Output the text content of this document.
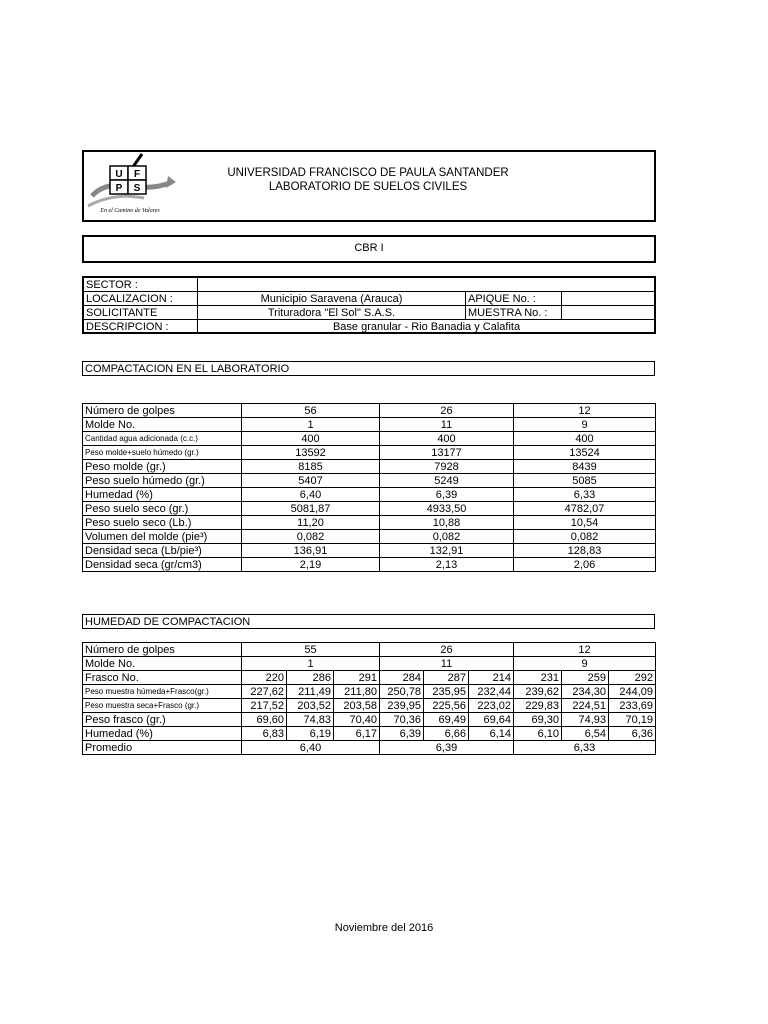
U F
P S
En el Camino de Valores
UNIVERSIDAD FRANCISCO DE PAULA SANTANDER
LABORATORIO DE SUELOS CIVILES
CBR I
SECTOR :			
LOCALIZACION :	Municipio Saravena (Arauca)	APIQUE No. :	
SOLICITANTE	Trituradora "El Sol" S.A.S.	MUESTRA No. :	
DESCRIPCION :	Base granular - Rio Banadia y Calafita		
COMPACTACION EN EL LABORATORIO
Número de golpes	56	26	12
Molde No.	1	11	9
Cantidad agua adicionada (c.c.)	400	400	400
Peso molde+suelo húmedo (gr.)	13592	13177	13524
Peso molde (gr.)	8185	7928	8439
Peso suelo húmedo (gr.)	5407	5249	5085
Humedad (%)	6,40	6,39	6,33
Peso suelo seco (gr.)	5081,87	4933,50	4782,07
Peso suelo seco (Lb.)	11,20	10,88	10,54
Volumen del molde (pie³)	0,082	0,082	0,082
Densidad seca (Lb/pie³)	136,91	132,91	128,83
Densidad seca (gr/cm3)	2,19	2,13	2,06
HUMEDAD DE COMPACTACION
Número de golpes	55			26			12		
Molde No.	1			11			9		
Frasco No.	220	286	291	284	287	214	231	259	292
Peso muestra húmeda+Frasco(gr.)	227,62	211,49	211,80	250,78	235,95	232,44	239,62	234,30	244,09
Peso muestra seca+Frasco (gr.)	217,52	203,52	203,58	239,95	225,56	223,02	229,83	224,51	233,69
Peso frasco (gr.)	69,60	74,83	70,40	70,36	69,49	69,64	69,30	74,93	70,19
Humedad (%)	6,83	6,19	6,17	6,39	6,66	6,14	6,10	6,54	6,36
Promedio	6,40			6,39			6,33		
Noviembre del 2016
